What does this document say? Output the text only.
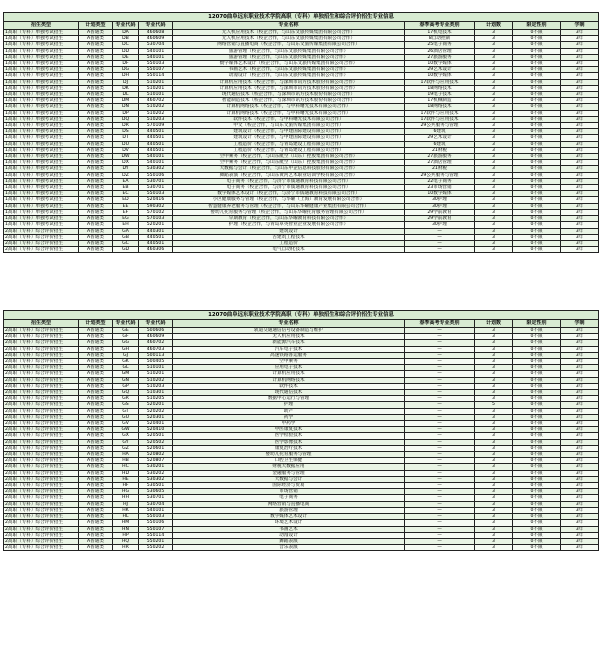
12070曲阜远东职业技术学院高职（专科）单独招生和综合评价招生专业信息								
招生类型	计划类型	专业代码	专业代码	专业名称	春季高考专业类别	计划数	限定性别	学制
1高职（专科）单独考试招生	A普通类	DA	460608	无人机应用技术（校企合作，与山东文旅传媒集团有限公司合作）	17机电技术	3	0不限	3年
1高职（专科）单独考试招生	A普通类	DB	460609	无人机应用技术（校企合作，与山东文旅传媒集团有限公司合作）	8自动控制	3	0不限	3年
1高职（专科）单独考试招生	A普通类	DC	530704	网络营销与直播电商（校企合作，与山东文旅传媒集团有限公司合作）	25电子商务	3	0不限	3年
1高职（专科）单独考试招生	A普通类	DD	540101	旅游管理（校企合作，与山东文旅传媒集团有限公司合作）	26酒店管理	3	0不限	3年
1高职（专科）单独考试招生	A普通类	DE	540101	旅游管理（校企合作，与山东文旅传媒集团有限公司合作）	27旅游服务	3	0不限	3年
1高职（专科）单独考试招生	A普通类	DF	550103	数字媒体艺术设计（校企合作，与山东文旅传媒集团有限公司合作）	10数字媒体	3	0不限	3年
1高职（专科）单独考试招生	A普通类	DG	550107	书画艺术（校企合作，与山东文旅传媒集团有限公司合作）	29艺术设计	3	0不限	3年
1高职（专科）单独考试招生	A普通类	DH	550114	动漫设计（校企合作，与山东文旅传媒集团有限公司合作）	10数字媒体	3	0不限	3年
1高职（专科）单独考试招生	A普通类	DJ	510201	计算机应用技术（校企合作，与深圳市讯方技术股份有限公司合作）	17软件与应用技术	3	0不限	3年
1高职（专科）单独考试招生	A普通类	DK	510201	计算机应用技术（校企合作，与深圳市讯方技术股份有限公司合作）	18网络技术	3	0不限	3年
1高职（专科）单独考试招生	A普通类	DL	510101	现代通信技术（校企合作，与深圳市讯方技术股份有限公司合作）	19电子技术	3	0不限	3年
1高职（专科）单独考试招生	A普通类	DM	460702	智能制造技术（校企合作，与深圳市讯方技术股份有限公司合作）	17机械制造	3	0不限	3年
1高职（专科）单独考试招生	A普通类	DN	510202	计算机网络技术（校企合作，与中科曙光技术有限公司合作）	18网络技术	3	0不限	3年
1高职（专科）单独考试招生	A普通类	DP	510202	计算机网络技术（校企合作，与中科曙光技术有限公司合作）	17软件与应用技术	3	0不限	3年
1高职（专科）单独考试招生	A普通类	DQ	510203	软件技术（校企合作，与中科曙光技术有限公司合作）	17软件与应用技术	3	0不限	3年
1高职（专科）单独考试招生	A普通类	DR	570109	中文（校企合作，与山东文旅传媒集团有限公司合作）	29公共服务与管理	3	0不限	3年
1高职（专科）单独考试招生	A普通类	DS	440501	建筑设计（校企合作，与中建国际建设有限公司合作）	6建筑	3	0不限	3年
1高职（专科）单独考试招生	A普通类	DT	440501	建筑设计（校企合作，与中建国际建设有限公司合作）	29艺术设计	3	0不限	3年
1高职（专科）单独考试招生	A普通类	DU	440501	工程造价（校企合作，与青岛建设工程有限公司合作）	6建筑	3	0不限	3年
1高职（专科）单独考试招生	A普通类	DV	440501	工程造价（校企合作，与青岛建设工程有限公司合作）	21财税	3	0不限	3年
1高职（专科）单独考试招生	A普通类	DW	540101	空中乘务（校企合作，与山东航空（山东）控股集团有限公司合作）	27旅游服务	3	0不限	3年
1高职（专科）单独考试招生	A普通类	DX	540101	空中乘务（校企合作，与山东航空（山东）控股集团有限公司合作）	27酒店管理	3	0不限	3年
1高职（专科）单独考试招生	A普通类	DY	530302	大数据与会计（校企合作，与山东中企信息科技股份有限公司合作）	21财税	3	0不限	3年
1高职（专科）单独考试招生	A普通类	DZ	550106	舞蹈表演（校企合作，与山东黄河艺术职业培训学校有限公司合作）	29公共服务与管理	3	0不限	3年
1高职（专科）单独考试招生	A普通类	EA	530701	电子商务（校企合作，与济宁市儒通教育科技有限公司合作）	22电子商务	3	0不限	3年
1高职（专科）单独考试招生	A普通类	EB	530701	电子商务（校企合作，与济宁市儒通教育科技有限公司合作）	23市场营销	3	0不限	3年
1高职（专科）单独考试招生	A普通类	EC	550103	数字媒体艺术设计（校企合作，与济宁市儒通教育科技有限公司合作）	10数字媒体	3	0不限	3年
1高职（专科）单独考试招生	A普通类	ED	520416	小区健康服务与管理（校企合作，与华曜（上海）教育发展有限公司合作）	30护理	3	0不限	3年
1高职（专科）单独考试招生	A普通类	EE	590302	智慧健康养老服务与管理（校企合作，与山东华曜健康产业集团有限公司合作）	30护理	3	0不限	3年
1高职（专科）单独考试招生	A普通类	EF	570102	婴幼儿托育服务与管理（校企合作，与山东华曜托育服务管理有限公司合作）	29学前教育	3	0不限	3年
1高职（专科）单独考试招生	A普通类	EG	570103	早期教育（校企合作，与山东华曜教育科技有限公司合作）	29学前教育	3	0不限	3年
1高职（专科）单独考试招生	A普通类	EH	520201	护理（校企合作，与青岛卓英智业企业发展有限公司合作）	30护理	3	0不限	3年
2高职（专科）综合评价招生	A普通类	GA	440301	建筑设计	—	3	0不限	3年
2高职（专科）综合评价招生	A普通类	GB	440501	古建筑工程技术	—	3	0不限	3年
2高职（专科）综合评价招生	A普通类	GC	440501	工程造价	—	3	0不限	3年
2高职（专科）综合评价招生	A普通类	GD	460306	电气自动化技术	—	3	0不限	3年
12070曲阜远东职业技术学院高职（专科）单独招生和综合评价招生专业信息								
招生类型	计划类型	专业代码	专业代码	专业名称	春季高考专业类别	计划数	限定性别	学制
2高职（专科）综合评价招生	A普通类	GE	500606	轨道交通通信信号设备制造与维护	—	3	0不限	3年
2高职（专科）综合评价招生	A普通类	GF	460609	无人机应用技术	—	3	0不限	3年
2高职（专科）综合评价招生	A普通类	GG	460702	新能源汽车技术	—	3	0不限	3年
2高职（专科）综合评价招生	A普通类	GH	460703	汽车电子技术	—	3	0不限	3年
2高职（专科）综合评价招生	A普通类	GJ	500113	高速铁路客运服务	—	3	0不限	3年
2高职（专科）综合评价招生	A普通类	GK	500405	空中乘务	—	3	0不限	3年
2高职（专科）综合评价招生	A普通类	GL	510101	应用电子技术	—	3	0不限	3年
2高职（专科）综合评价招生	A普通类	GM	510201	计算机应用技术	—	3	0不限	3年
2高职（专科）综合评价招生	A普通类	GN	510202	计算机网络技术	—	3	0不限	3年
2高职（专科）综合评价招生	A普通类	GP	510203	软件技术	—	3	0不限	3年
2高职（专科）综合评价招生	A普通类	GQ	510301	现代通信技术	—	3	0不限	3年
2高职（专科）综合评价招生	A普通类	GR	510205	数据中心运行与管理	—	3	0不限	3年
2高职（专科）综合评价招生	A普通类	GS	520201	护理	—	5	0不限	3年
2高职（专科）综合评价招生	A普通类	GT	520202	助产	—	3	0不限	3年
2高职（专科）综合评价招生	A普通类	GU	520301	药学	—	3	0不限	3年
2高职（专科）综合评价招生	A普通类	GV	520401	中药学	—	3	0不限	3年
2高职（专科）综合评价招生	A普通类	GW	520410	中医康复技术	—	3	0不限	3年
2高职（专科）综合评价招生	A普通类	GX	520501	医学检验技术	—	3	0不限	3年
2高职（专科）综合评价招生	A普通类	GY	520502	医学影像技术	—	3	0不限	3年
2高职（专科）综合评价招生	A普通类	GZ	520601	康复治疗技术	—	3	0不限	3年
2高职（专科）综合评价招生	A普通类	HA	520802	婴幼儿托育服务与管理	—	3	0不限	3年
2高职（专科）综合评价招生	A普通类	HB	520807	口腔卫生保健	—	3	0不限	3年
2高职（专科）综合评价招生	A普通类	HC	530201	财税大数据应用	—	3	0不限	3年
2高职（专科）综合评价招生	A普通类	HD	530202	金融服务与管理	—	3	0不限	3年
2高职（专科）综合评价招生	A普通类	HE	530302	大数据与会计	—	3	0不限	3年
2高职（专科）综合评价招生	A普通类	HF	530501	国际经济与贸易	—	3	0不限	3年
2高职（专科）综合评价招生	A普通类	HG	530605	市场营销	—	3	0不限	3年
2高职（专科）综合评价招生	A普通类	HH	530701	电子商务	—	3	0不限	3年
2高职（专科）综合评价招生	A普通类	HJ	530704	网络营销与直播电商	—	3	0不限	3年
2高职（专科）综合评价招生	A普通类	HK	540101	旅游管理	—	3	0不限	3年
2高职（专科）综合评价招生	A普通类	HL	550103	数字媒体艺术设计	—	3	0不限	3年
2高职（专科）综合评价招生	A普通类	HM	550106	环境艺术设计	—	3	0不限	3年
2高职（专科）综合评价招生	A普通类	HN	550107	书画艺术	—	3	0不限	3年
2高职（专科）综合评价招生	A普通类	HP	550114	动漫设计	—	3	0不限	3年
2高职（专科）综合评价招生	A普通类	HQ	550201	舞蹈表演	—	3	0不限	3年
2高职（专科）综合评价招生	A普通类	HR	550202	音乐表演	—	3	0不限	3年
